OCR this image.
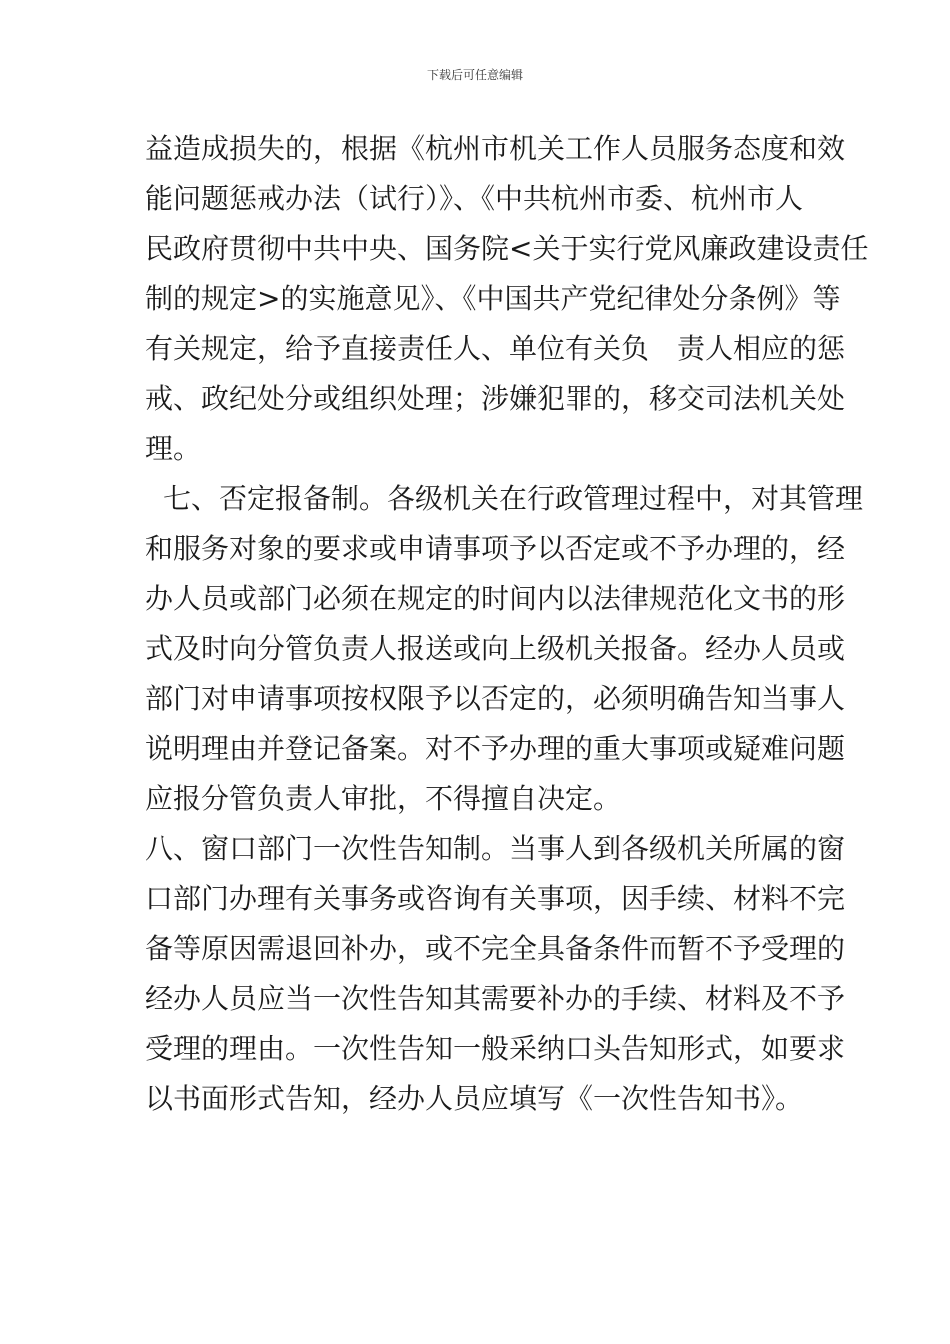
下载后可任意编辑
益造成损失的，根据《杭州市机关工作人员服务态度和效
能问题惩戒办法（试行）》、《中共杭州市委、杭州市人
民政府贯彻中共中央、国务院<关于实行党风廉政建设责任
制的规定>的实施意见》、《中国共产党纪律处分条例》等
有关规定，给予直接责任人、单位有关负　责人相应的惩
戒、政纪处分或组织处理；涉嫌犯罪的，移交司法机关处
理。
七、否定报备制。各级机关在行政管理过程中，对其管理
和服务对象的要求或申请事项予以否定或不予办理的，经
办人员或部门必须在规定的时间内以法律规范化文书的形
式及时向分管负责人报送或向上级机关报备。经办人员或
部门对申请事项按权限予以否定的，必须明确告知当事人
说明理由并登记备案。对不予办理的重大事项或疑难问题
应报分管负责人审批，不得擅自决定。
八、窗口部门一次性告知制。当事人到各级机关所属的窗
口部门办理有关事务或咨询有关事项，因手续、材料不完
备等原因需退回补办，或不完全具备条件而暂不予受理的
经办人员应当一次性告知其需要补办的手续、材料及不予
受理的理由。一次性告知一般采纳口头告知形式，如要求
以书面形式告知，经办人员应填写《一次性告知书》。
